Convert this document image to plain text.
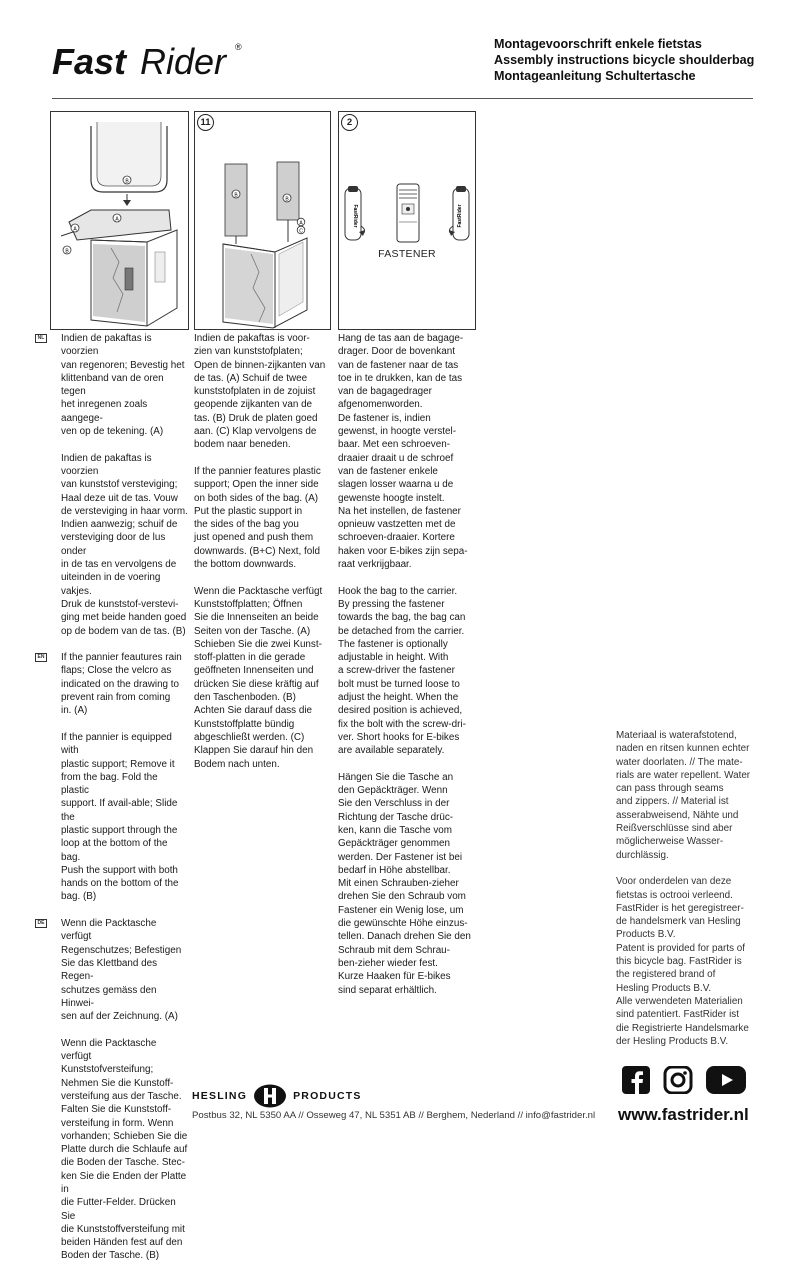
Fast Rider ®	Montagevoorschrift enkele fietstas
Assembly instructions bicycle shoulderbag
Montageanleitung Schultertasche
B
A
A
B
11
B
B
A
C
2
FastRider	FastRider
FASTENER
NL	Indien de pakaftas is voorzien
van regenoren; Bevestig het
klittenband van de oren tegen
het inregenen zoals aangege-
ven op de tekening. (A)

Indien de pakaftas is voorzien
van kunststof versteviging;
Haal deze uit de tas. Vouw
de versteviging in haar vorm.
Indien aanwezig; schuif de
versteviging door de lus onder
in de tas en vervolgens de
uiteinden in de voering vakjes.
Druk de kunststof-verstevi-
ging met beide handen goed
op de bodem van de tas. (B)

EN	If the pannier feautures rain
flaps; Close the velcro as
indicated on the drawing to
prevent rain from coming
in. (A)

If the pannier is equipped with
plastic support; Remove it
from the bag. Fold the plastic
support. If avail-able; Slide the
plastic support through the
loop at the bottom of the bag.
Push the support with both
hands on the bottom of the
bag. (B)

DE	Wenn die Packtasche verfügt
Regenschutzes; Befestigen
Sie das Klettband des Regen-
schutzes gemäss den Hinwei-
sen auf der Zeichnung. (A)

Wenn die Packtasche verfügt
Kunststofversteifung;
Nehmen Sie die Kunstoff-
versteifung aus der Tasche.
Falten Sie die Kunststoff-
versteifung in form. Wenn
vorhanden; Schieben Sie die
Platte durch die Schlaufe auf
die Boden der Tasche. Stec-
ken Sie die Enden der Platte in
die Futter-Felder. Drücken Sie
die Kunststoffversteifung mit
beiden Händen fest auf den
Boden der Tasche. (B)

Indien de pakaftas is voor-
zien van kunststofplaten;
Open de binnen-zijkanten van
de tas. (A) Schuif de twee
kunststofplaten in de zojuist
geopende zijkanten van de
tas. (B) Druk de platen goed
aan. (C) Klap vervolgens de
bodem naar beneden.

If the pannier features plastic
support; Open the inner side
on both sides of the bag. (A)
Put the plastic support in
the sides of the bag you
just opened and push them
downwards. (B+C) Next, fold
the bottom downwards.

Wenn die Packtasche verfügt
Kunststoffplatten; Öffnen
Sie die Innenseiten an beide
Seiten von der Tasche. (A)
Schieben Sie die zwei Kunst-
stoff-platten in die gerade
geöffneten Innenseiten und
drücken Sie diese kräftig auf
den Taschenboden. (B)
Achten Sie darauf dass die
Kunststoffplatte bündig
abgeschließt werden. (C)
Klappen Sie darauf hin den
Bodem nach unten.

Hang de tas aan de bagage-
drager. Door de bovenkant
van de fastener naar de tas
toe in te drukken, kan de tas
van de bagagedrager
afgenomenworden.
De fastener is, indien
gewenst, in hoogte verstel-
baar. Met een schroeven-
draaier draait u de schroef
van de fastener enkele
slagen losser waarna u de
gewenste hoogte instelt.
Na het instellen, de fastener
opnieuw vastzetten met de
schroeven-draaier. Kortere
haken voor E-bikes zijn sepa-
raat verkrijgbaar.

Hook the bag to the carrier.
By pressing the fastener
towards the bag, the bag can
be detached from the carrier.
The fastener is optionally
adjustable in height. With
a screw-driver the fastener
bolt must be turned loose to
adjust the height. When the
desired position is achieved,
fix the bolt with the screw-dri-
ver. Short hooks for E-bikes
are available separately.

Hängen Sie die Tasche an
den Gepäckträger. Wenn
Sie den Verschluss in der
Richtung der Tasche drüc-
ken, kann die Tasche vom
Gepäckträger genommen
werden. Der Fastener ist bei
bedarf in Höhe abstellbar.
Mit einen Schrauben-zieher
drehen Sie den Schraub vom
Fastener ein Wenig lose, um
die gewünschte Höhe einzus-
tellen. Danach drehen Sie den
Schraub mit dem Schrau-
ben-zieher wieder fest.
Kurze Haaken für E-bikes
sind separat erhältlich.

Materiaal is waterafstotend,
naden en ritsen kunnen echter
water doorlaten. // The mate-
rials are water repellent. Water
can pass through seams
and zippers. // Material ist
asserabweisend, Nähte und
Reißverschlüsse sind aber
möglicherweise Wasser-
durchlässig.

Voor onderdelen van deze
fietstas is octrooi verleend.
FastRider is het geregistreer-
de handelsmerk van Hesling
Products B.V.
Patent is provided for parts of
this bicycle bag. FastRider is
the registered brand of
Hesling Products B.V.
Alle verwendeten Materialien
sind patentiert. FastRider ist
die Registrierte Handelsmarke
der Hesling Products B.V.

HESLING	PRODUCTS
Postbus 32, NL 5350 AA // Osseweg 47, NL 5351 AB // Berghem, Nederland // info@fastrider.nl www.fastrider.nl
